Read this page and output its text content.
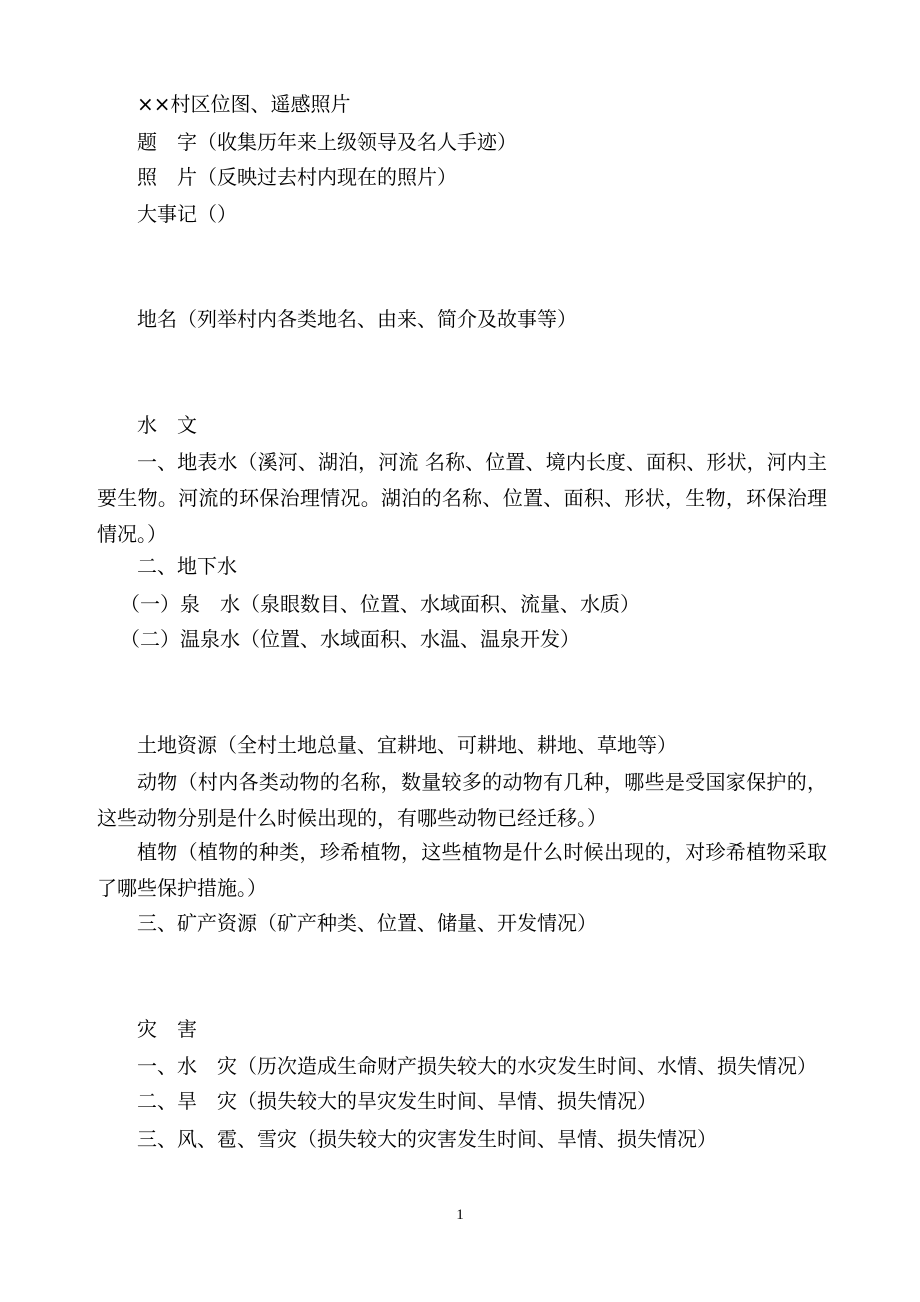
××村区位图、遥感照片
题　字（收集历年来上级领导及名人手迹）
照　片（反映过去村内现在的照片）
大事记（）
地名（列举村内各类地名、由来、简介及故事等）
水　文
一、地表水（溪河、湖泊，河流 名称、位置、境内长度、面积、形状，河内主要生物。河流的环保治理情况。湖泊的名称、位置、面积、形状，生物，环保治理情况。）
二、地下水
（一）泉　水（泉眼数目、位置、水域面积、流量、水质）
（二）温泉水（位置、水域面积、水温、温泉开发）
土地资源（全村土地总量、宜耕地、可耕地、耕地、草地等）
动物（村内各类动物的名称，数量较多的动物有几种，哪些是受国家保护的，这些动物分别是什么时候出现的，有哪些动物已经迁移。）
植物（植物的种类，珍希植物，这些植物是什么时候出现的，对珍希植物采取了哪些保护措施。）
三、矿产资源（矿产种类、位置、储量、开发情况）
灾　害
一、水　灾（历次造成生命财产损失较大的水灾发生时间、水情、损失情况）
二、旱　灾（损失较大的旱灾发生时间、旱情、损失情况）
三、风、雹、雪灾（损失较大的灾害发生时间、旱情、损失情况）
1
